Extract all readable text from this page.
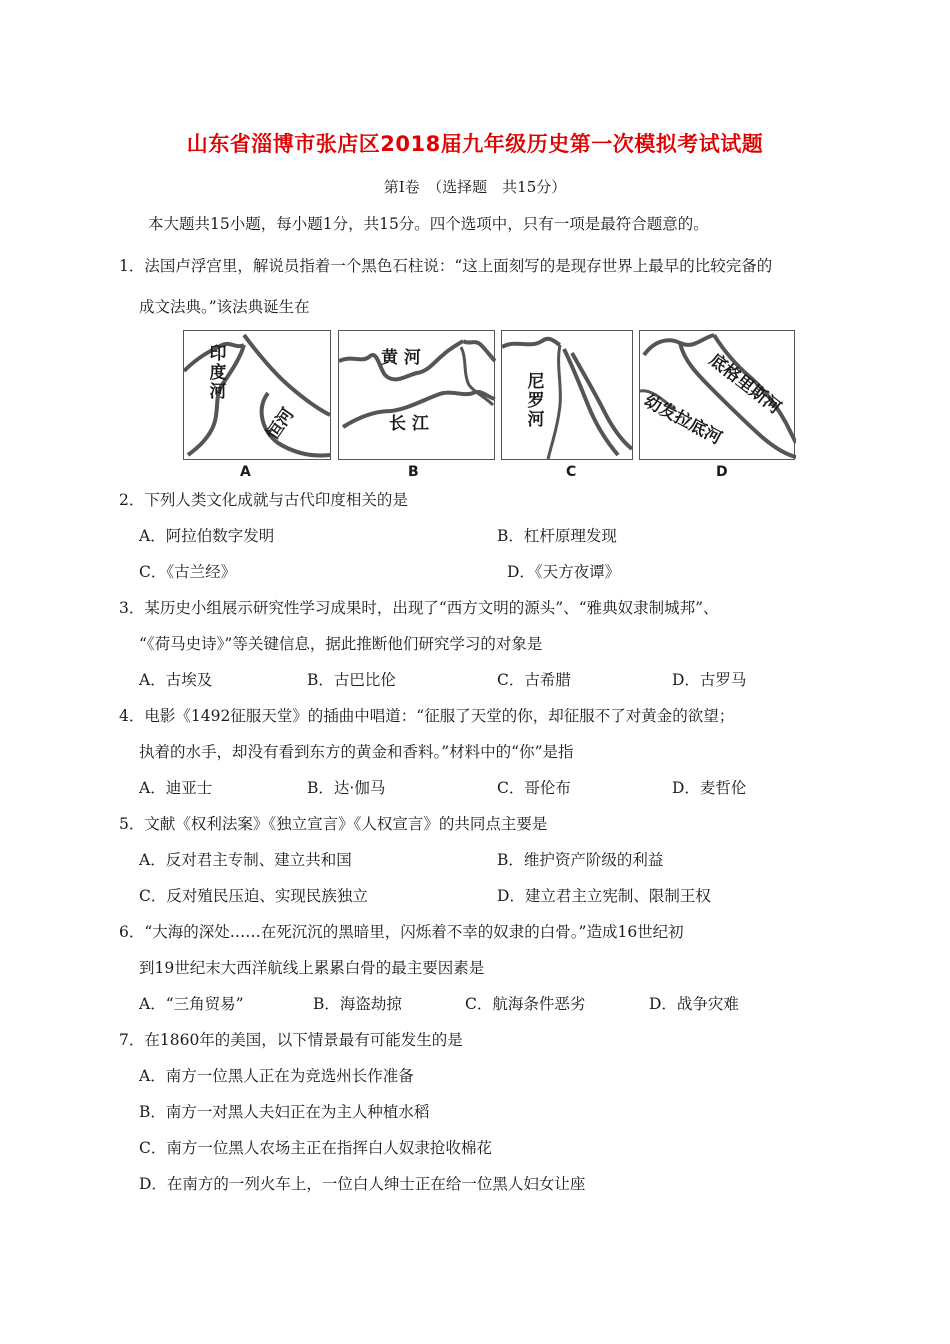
山东省淄博市张店区2018届九年级历史第一次模拟考试试题
第Ⅰ卷　（选择题　共15分）
本大题共15小题，每小题1分，共15分。四个选项中，只有一项是最符合题意的。
1．法国卢浮宫里，解说员指着一个黑色石柱说：“这上面刻写的是现存世界上最早的比较完备的
成文法典。”该法典诞生在
印度河
恒河
黄 河
长 江
尼罗河
底格里斯河
幼发拉底河
A	B	C	D
2．下列人类文化成就与古代印度相关的是
A．阿拉伯数字发明	B．杠杆原理发现
C．《古兰经》	D．《天方夜谭》
3．某历史小组展示研究性学习成果时，出现了“西方文明的源头”、“雅典奴隶制城邦”、
“《荷马史诗》”等关键信息，据此推断他们研究学习的对象是
A．古埃及	B．古巴比伦	C．古希腊	D．古罗马
4．电影《1492征服天堂》的插曲中唱道：“征服了天堂的你，却征服不了对黄金的欲望；
执着的水手，却没有看到东方的黄金和香料。”材料中的“你”是指
A．迪亚士	B．达·伽马	C．哥伦布	D．麦哲伦
5．文献《权利法案》《独立宣言》《人权宣言》的共同点主要是
A．反对君主专制、建立共和国	B．维护资产阶级的利益
C．反对殖民压迫、实现民族独立	D．建立君主立宪制、限制王权
6．“大海的深处……在死沉沉的黑暗里，闪烁着不幸的奴隶的白骨。”造成16世纪初
到19世纪末大西洋航线上累累白骨的最主要因素是
A．“三角贸易”	B．海盗劫掠	C．航海条件恶劣	D．战争灾难
7．在1860年的美国，以下情景最有可能发生的是
A．南方一位黑人正在为竞选州长作准备
B．南方一对黑人夫妇正在为主人种植水稻
C．南方一位黑人农场主正在指挥白人奴隶抢收棉花
D．在南方的一列火车上，一位白人绅士正在给一位黑人妇女让座
